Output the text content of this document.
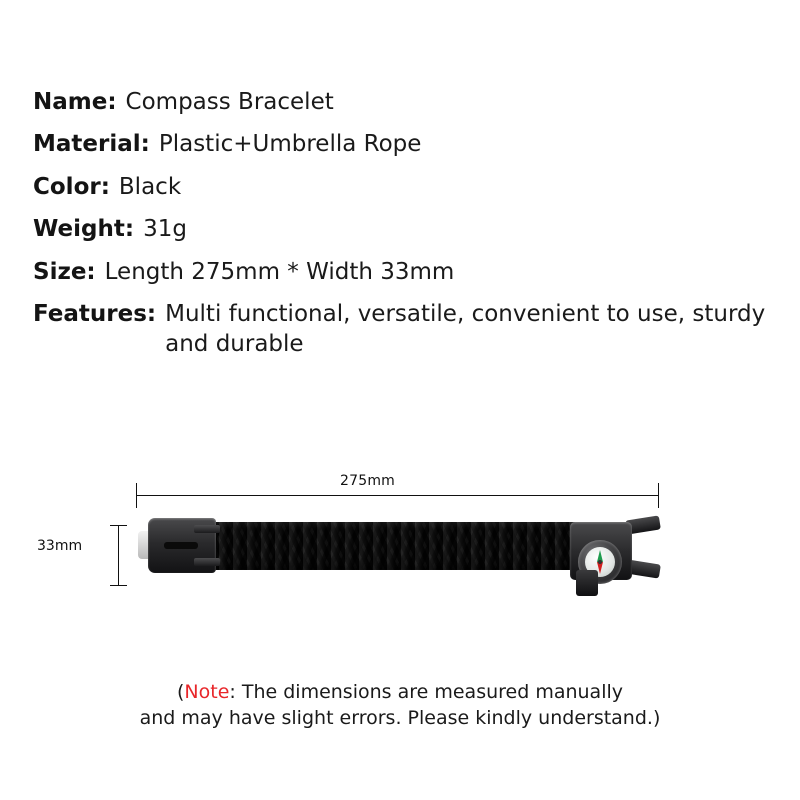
Name: Compass Bracelet
Material: Plastic+Umbrella Rope
Color: Black
Weight: 31g
Size: Length 275mm * Width 33mm
Features: Multi functional, versatile, convenient to use, sturdy and durable
275mm
33mm
(Note: The dimensions are measured manually
and may have slight errors. Please kindly understand.)
